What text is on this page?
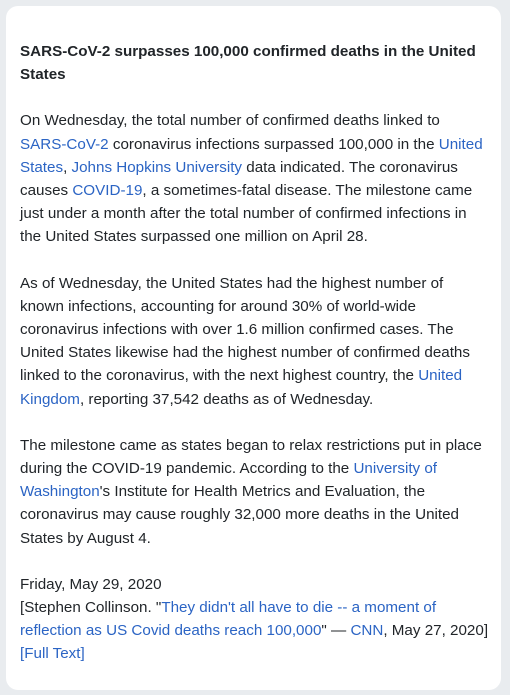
SARS-CoV-2 surpasses 100,000 confirmed deaths in the United States

On Wednesday, the total number of confirmed deaths linked to SARS-CoV-2 coronavirus infections surpassed 100,000 in the United States, Johns Hopkins University data indicated. The coronavirus causes COVID-19, a sometimes-fatal disease. The milestone came just under a month after the total number of confirmed infections in the United States surpassed one million on April 28.

As of Wednesday, the United States had the highest number of known infections, accounting for around 30% of world-wide coronavirus infections with over 1.6 million confirmed cases. The United States likewise had the highest number of confirmed deaths linked to the coronavirus, with the next highest country, the United Kingdom, reporting 37,542 deaths as of Wednesday.

The milestone came as states began to relax restrictions put in place during the COVID-19 pandemic. According to the University of Washington's Institute for Health Metrics and Evaluation, the coronavirus may cause roughly 32,000 more deaths in the United States by August 4.

Friday, May 29, 2020

[Stephen Collinson. "They didn't all have to die -- a moment of reflection as US Covid deaths reach 100,000" — CNN, May 27, 2020]

[Full Text]
